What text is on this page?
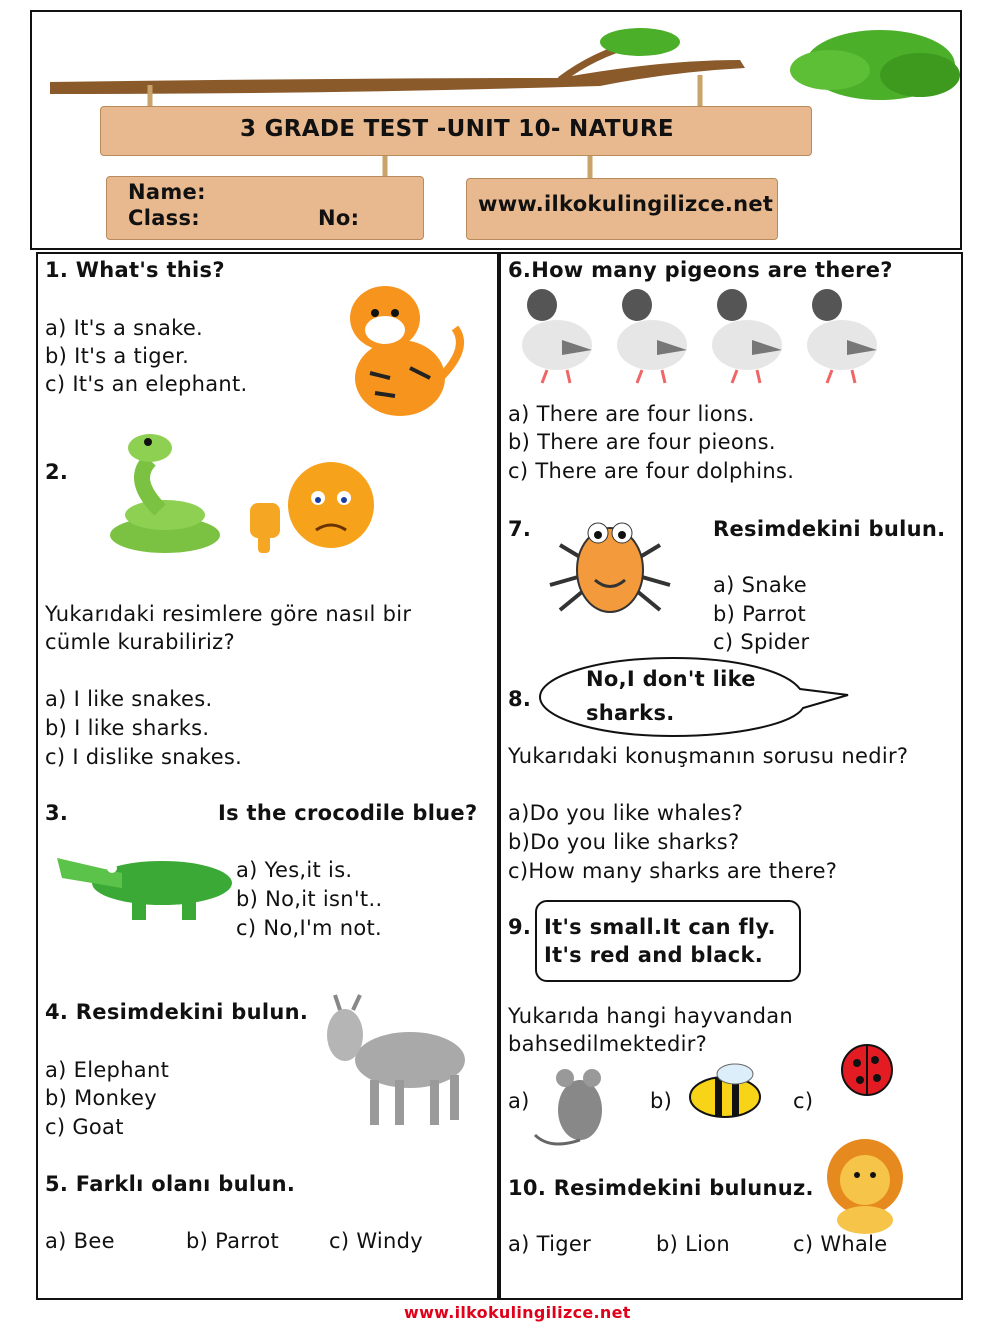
3 GRADE TEST -UNIT 10- NATURE
Name:
Class:	No:
www.ilkokulingilizce.net
1. What's this?
a) It's a snake.
b) It's a tiger.
c) It's an elephant.
2.
Yukarıdaki resimlere göre nasıl bir
cümle kurabiliriz?
a) I like snakes.
b) I like sharks.
c) I dislike snakes.
3.	Is the crocodile blue?
a) Yes,it is.
b) No,it isn't..
c) No,I'm not.
4. Resimdekini bulun.
a) Elephant
b) Monkey
c) Goat
5. Farklı olanı bulun.
a) Bee	b) Parrot c) Windy
6.How many pigeons are there?
a) There are four lions.
b) There are four pieons.
c) There are four dolphins.
7.	Resimdekini bulun.
a) Snake
b) Parrot
c) Spider
8.
No,I don't like
sharks.
Yukarıdaki konuşmanın sorusu nedir?
a)Do you like whales?
b)Do you like sharks?
c)How many sharks are there?
9. It's small.It can fly.
It's red and black.
Yukarıda hangi hayvandan
bahsedilmektedir?
a)	b)	c)
10. Resimdekini bulunuz.
a) Tiger	b) Lion	c) Whale
www.ilkokulingilizce.net
